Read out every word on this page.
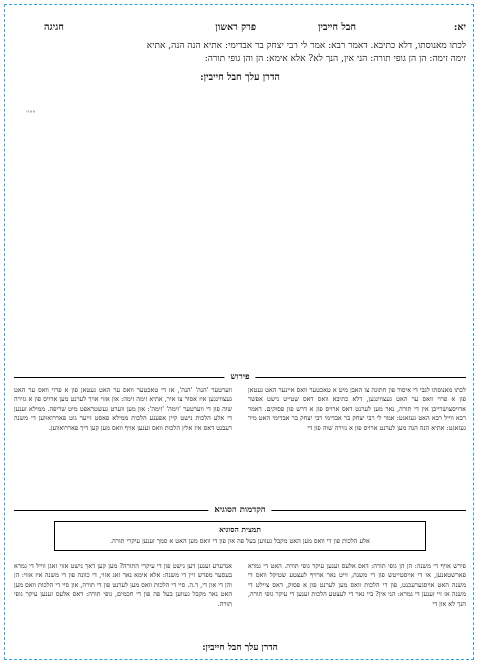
יא:
חבל חייבין
פרק ראשון
חגיגה
לכתו מאנוסתו, דלא כתיבא. דאמר רבא: אמר לי רבי יצחק בר אבדימי: אתיא הנה הנה, אתיא
זימה זימה: הן הן גופי תורה: הני אין, הנך לא? אלא אימא: הן והן גופי תורה:
הדרן עלך חבל חייבין:
"""
פירוש
לכתו מאנוסתו לגבי די איסור פון חתונה צו האבן מיט א טאכטער וואס איינער האט געטאן פון א פרוי וואס ער האט געצווינגען, דלא כתיבא וואס דאס שטייט נישט אפשר ארויסצושרייבן אין די תורה, נאר מען לערנט דאס ארויס פון א דרש פון פסוקים. דאמר רבא ווייל רבא האט געזאגט: אמר לי רבי יצחק בר אבדימי רבי יצחק בר אבדימי האט מיר געזאגט: אתיא הנה הנה מען לערנט ארויס פון א גזירה שוה פון די
ווערטער 'הנה' 'הנה', אז די טאכטער וואס ער האט געטאן פון א פרוי וואס ער האט געצווינגען איז אסור צו איר, אתיא זימה זימה: און אזוי אויך לערנט מען ארויס פון א גזירה שוה פון די ווערטער 'זימה' 'זימה': און מען ווערט געשטראפט מיט שריפה. ממילא זענען די אלע הלכות נישט קיין אפענע הלכות ממילא פאסט זייער גוט פאררואווען די משנה רעבנט דאס איז אלץ הלכות וואס זענען אויף וואס מען קען דיך פאררואווען.
הקדמות הסוגיא
תמצית הסוגיא
אלע הלכות פון די וואס מען האט מקבל געווען בעל פה און פון די וואס מען האט א סמך זענען עיקרי תורה.
פירש אויף די משנה: הן הן גופי תורה: דאס אלעס זענען עיקר גופי תורה. האט די גמרא פארשטאנען, או די אויסטייטש פון די משנה, זייט נאר ארויף לעצטע שטיקל וואס די משנה האט אויסגערעכנט, פון די הלכות וואס מען לערנט פון א פסוק, דאס ציילט די משנה אז זיי זענען די גמרא: הני אין? ביי נאר די לעצטע הלכות זענען די עיקר גופי תורה, הנך לא און די
אנדערע זענען דען נישט פון די עיקרי התורה? מען קען דאך נישט אזוי זאגן ווייל די גמרא בעסער מפרש זיין די משנה: אלא אימא נאר זאג אזוי, די כוונה פון די משנה איז אזוי: הן והן די און די, ד.ה. סיי די הלכות וואס מען לערנט פון די תורה, און סיי די הלכות וואס מען האט נאר מקבל געווען בעל פה פון די חכמים, גופי תורה: דאס אלעס זענען עיקר גופי תורה.
הדרן עלך חבל חייבין:
